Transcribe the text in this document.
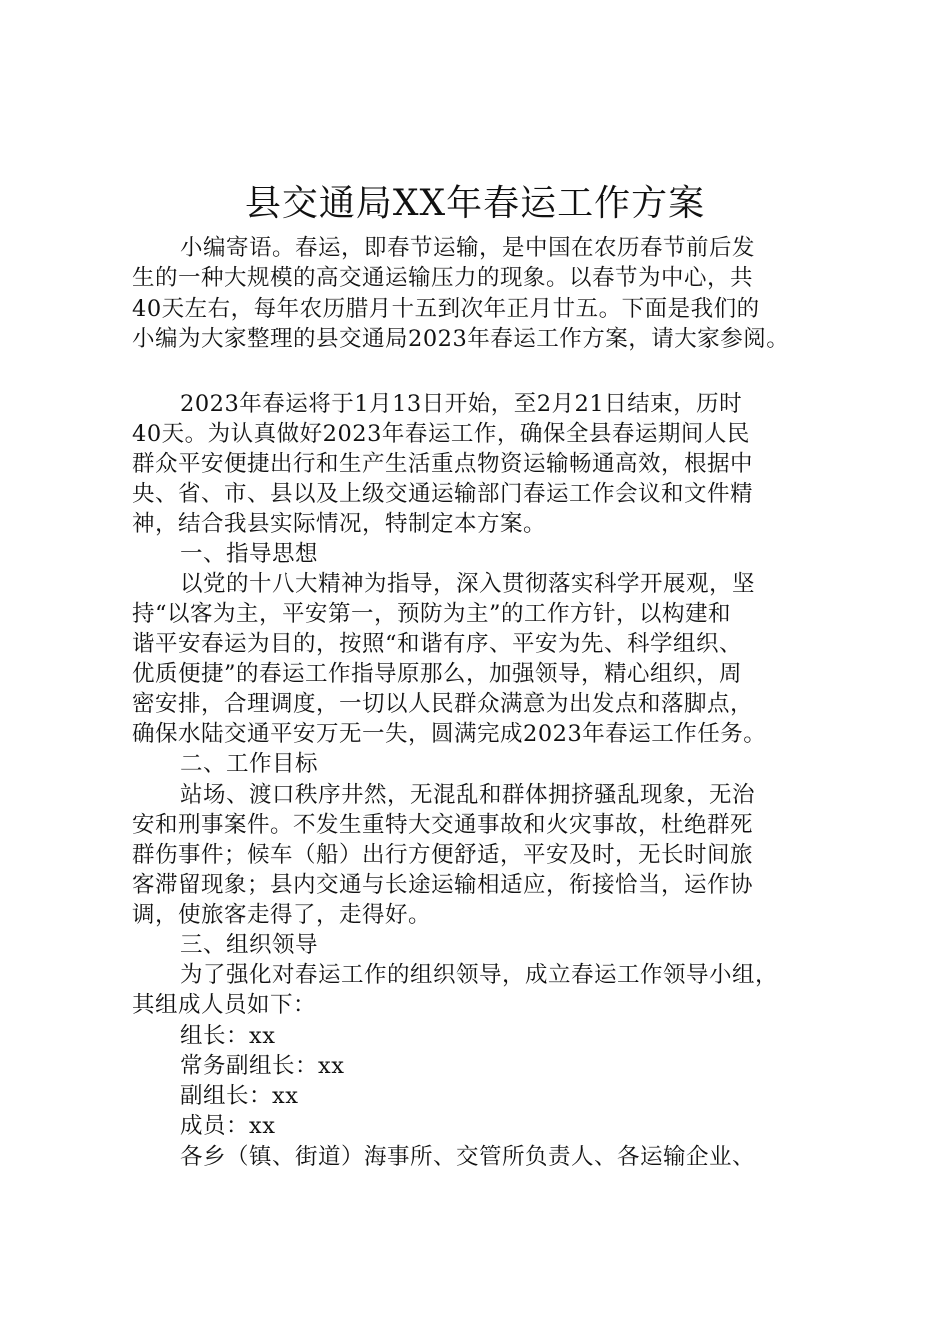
县交通局XX年春运工作方案
小编寄语。春运，即春节运输，是中国在农历春节前后发
生的一种大规模的高交通运输压力的现象。以春节为中心，共
40天左右，每年农历腊月十五到次年正月廿五。下面是我们的
小编为大家整理的县交通局2023年春运工作方案，请大家参阅。
2023年春运将于1月13日开始，至2月21日结束，历时
40天。为认真做好2023年春运工作，确保全县春运期间人民
群众平安便捷出行和生产生活重点物资运输畅通高效，根据中
央、省、市、县以及上级交通运输部门春运工作会议和文件精
神，结合我县实际情况，特制定本方案。
一、指导思想
以党的十八大精神为指导，深入贯彻落实科学开展观，坚
持“以客为主，平安第一，预防为主”的工作方针，以构建和
谐平安春运为目的，按照“和谐有序、平安为先、科学组织、
优质便捷”的春运工作指导原那么，加强领导，精心组织，周
密安排，合理调度，一切以人民群众满意为出发点和落脚点，
确保水陆交通平安万无一失，圆满完成2023年春运工作任务。
二、工作目标
站场、渡口秩序井然，无混乱和群体拥挤骚乱现象，无治
安和刑事案件。不发生重特大交通事故和火灾事故，杜绝群死
群伤事件；候车（船）出行方便舒适，平安及时，无长时间旅
客滞留现象；县内交通与长途运输相适应，衔接恰当，运作协
调，使旅客走得了，走得好。
三、组织领导
为了强化对春运工作的组织领导，成立春运工作领导小组，
其组成人员如下：
组长：xx
常务副组长：xx
副组长：xx
成员：xx
各乡（镇、街道）海事所、交管所负责人、各运输企业、
